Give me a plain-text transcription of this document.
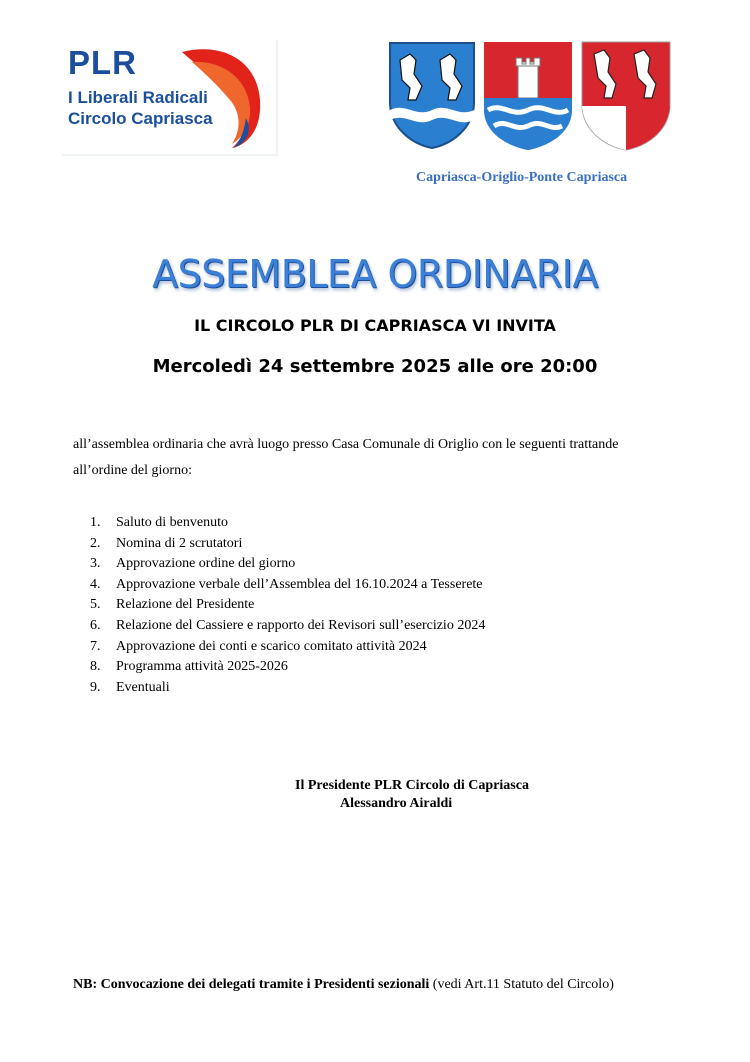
PLR
I Liberali Radicali
Circolo Capriasca
Capriasca-Origlio-Ponte Capriasca
ASSEMBLEA ORDINARIA
IL CIRCOLO PLR DI CAPRIASCA VI INVITA
Mercoledì 24 settembre 2025 alle ore 20:00
all’assemblea ordinaria che avrà luogo presso Casa Comunale di Origlio con le seguenti trattande all’ordine del giorno:
1.	Saluto di benvenuto
2.	Nomina di 2 scrutatori
3.	Approvazione ordine del giorno
4.	Approvazione verbale dell’Assemblea del 16.10.2024 a Tesserete
5.	Relazione del Presidente
6.	Relazione del Cassiere e rapporto dei Revisori sull’esercizio 2024
7.	Approvazione dei conti e scarico comitato attività 2024
8.	Programma attività 2025-2026
9.	Eventuali
Il Presidente PLR Circolo di Capriasca
Alessandro Airaldi
NB: Convocazione dei delegati tramite i Presidenti sezionali (vedi Art.11 Statuto del Circolo)
